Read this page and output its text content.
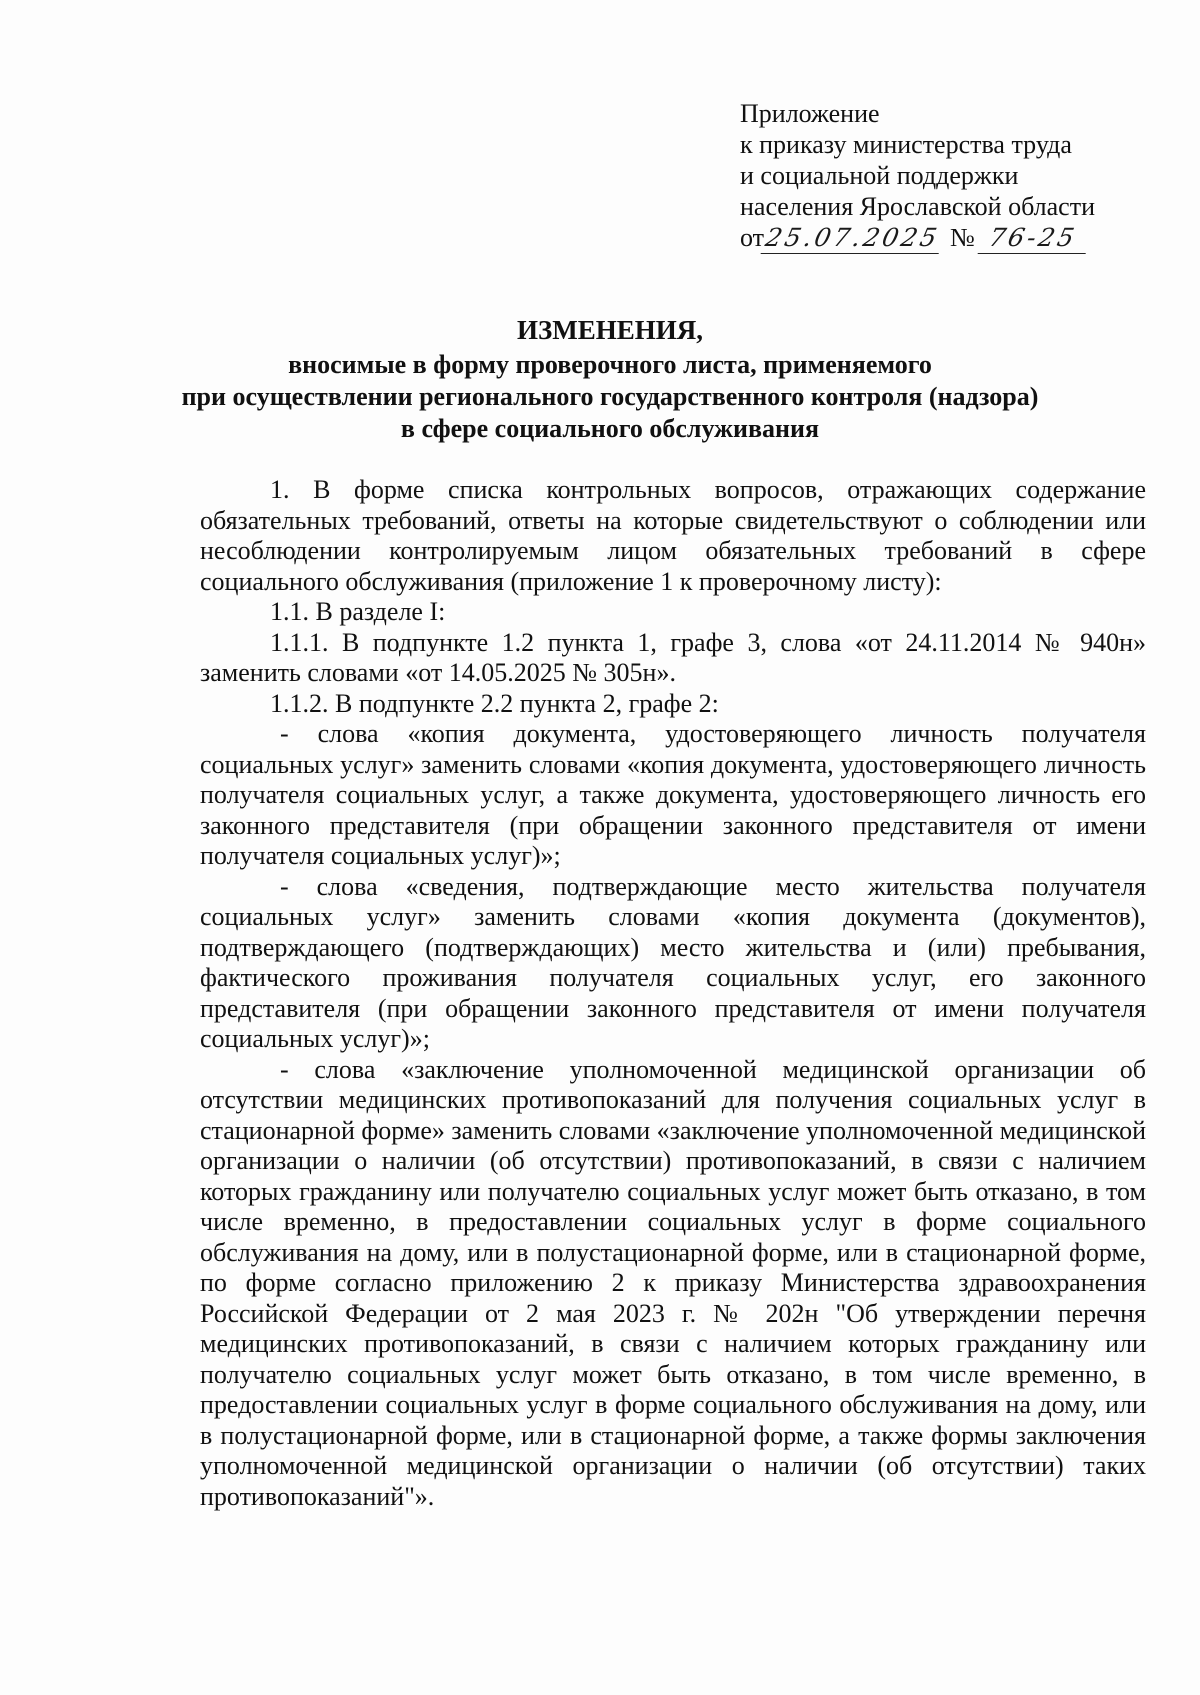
Приложение
к приказу министерства труда
и социальной поддержки
населения Ярославской области
от 25.07.2025 № 76-25
ИЗМЕНЕНИЯ,
вносимые в форму проверочного листа, применяемого
при осуществлении регионального государственного контроля (надзора)
в сфере социального обслуживания

1. В форме списка контрольных вопросов, отражающих содержание обязательных требований, ответы на которые свидетельствуют о соблюдении или несоблюдении контролируемым лицом обязательных требований в сфере социального обслуживания (приложение 1 к проверочному листу):

1.1. В разделе I:

1.1.1. В подпункте 1.2 пункта 1, графе 3, слова «от 24.11.2014 № 940н» заменить словами «от 14.05.2025 № 305н».

1.1.2. В подпункте 2.2 пункта 2, графе 2:

- слова «копия документа, удостоверяющего личность получателя социальных услуг» заменить словами «копия документа, удостоверяющего личность получателя социальных услуг, а также документа, удостоверяющего личность его законного представителя (при обращении законного представителя от имени получателя социальных услуг)»;

- слова «сведения, подтверждающие место жительства получателя социальных услуг» заменить словами «копия документа (документов), подтверждающего (подтверждающих) место жительства и (или) пребывания, фактического проживания получателя социальных услуг, его законного представителя (при обращении законного представителя от имени получателя социальных услуг)»;

- слова «заключение уполномоченной медицинской организации об отсутствии медицинских противопоказаний для получения социальных услуг в стационарной форме» заменить словами «заключение уполномоченной медицинской организации о наличии (об отсутствии) противопоказаний, в связи с наличием которых гражданину или получателю социальных услуг может быть отказано, в том числе временно, в предоставлении социальных услуг в форме социального обслуживания на дому, или в полустационарной форме, или в стационарной форме, по форме согласно приложению 2 к приказу Министерства здравоохранения Российской Федерации от 2 мая 2023 г. № 202н "Об утверждении перечня медицинских противопоказаний, в связи с наличием которых гражданину или получателю социальных услуг может быть отказано, в том числе временно, в предоставлении социальных услуг в форме социального обслуживания на дому, или в полустационарной форме, или в стационарной форме, а также формы заключения уполномоченной медицинской организации о наличии (об отсутствии) таких противопоказаний"».
